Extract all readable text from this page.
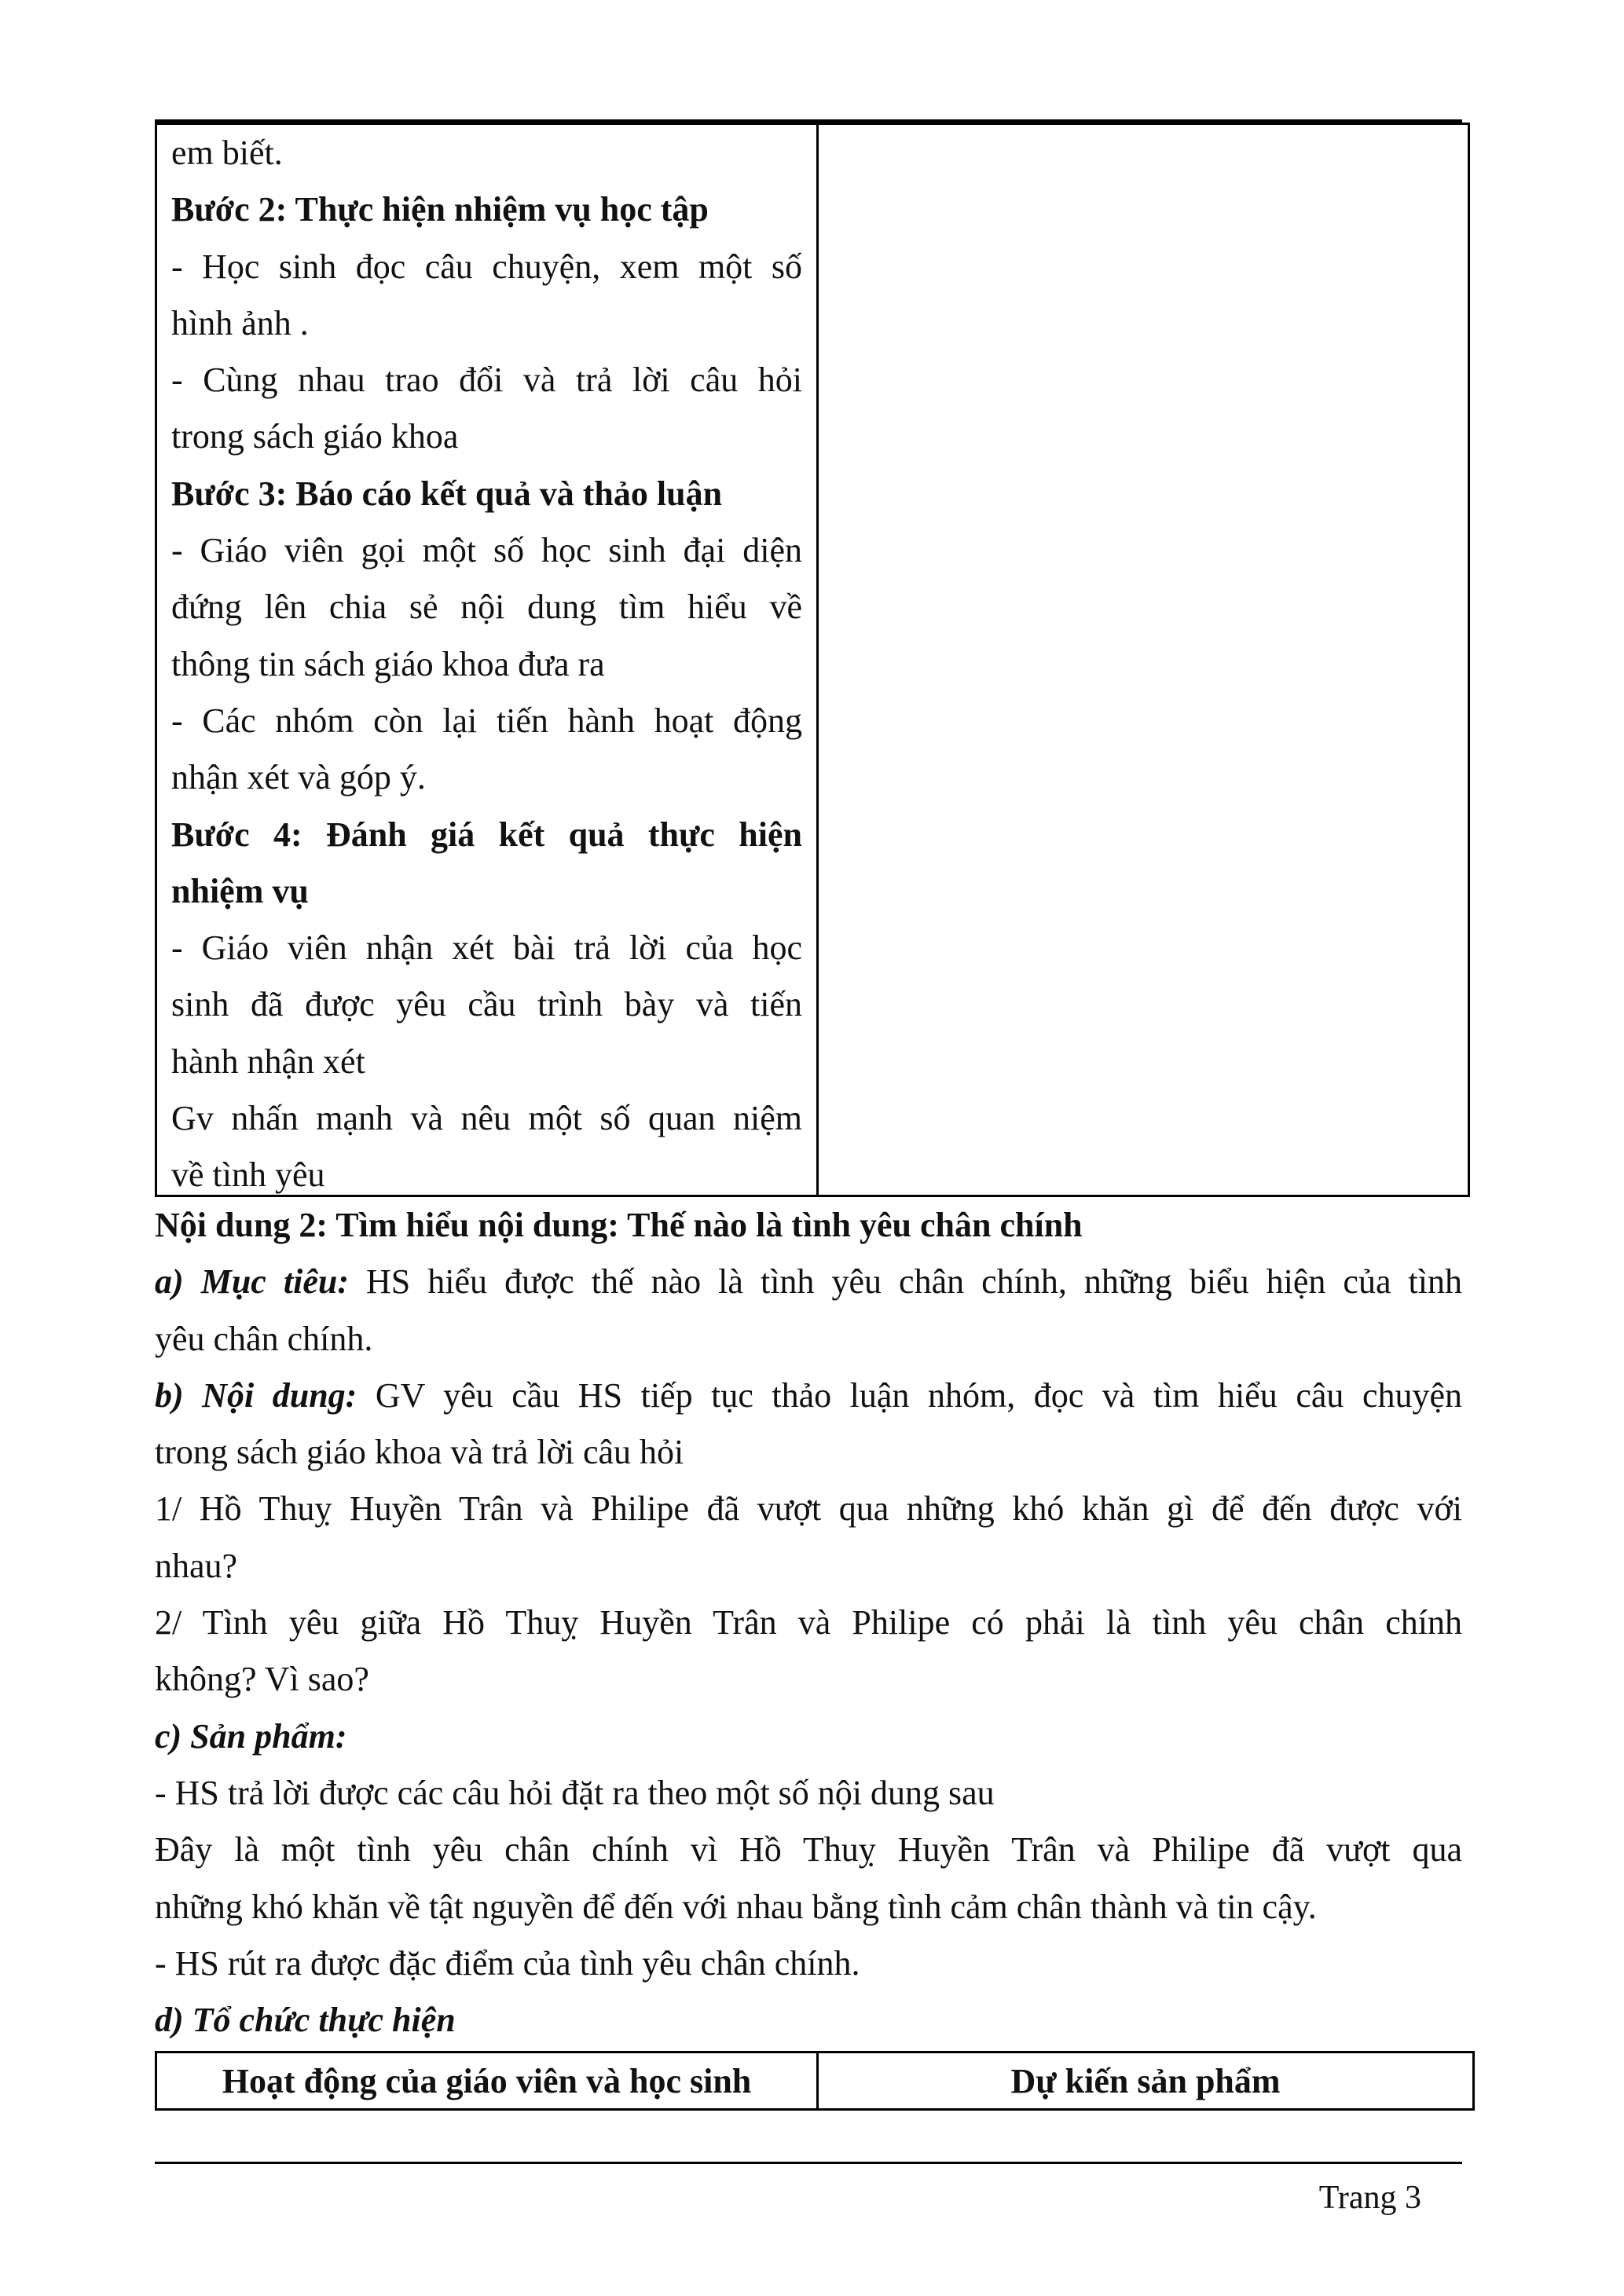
em biết.

Bước 2: Thực hiện nhiệm vụ học tập

- Học sinh đọc câu chuyện, xem một số

hình ảnh .

- Cùng nhau trao đổi và trả lời câu hỏi

trong sách giáo khoa

Bước 3: Báo cáo kết quả và thảo luận

- Giáo viên gọi một số học sinh đại diện

đứng lên chia sẻ nội dung tìm hiểu về

thông tin sách giáo khoa đưa ra

- Các nhóm còn lại tiến hành hoạt động

nhận xét và góp ý.

Bước 4: Đánh giá kết quả thực hiện

nhiệm vụ

- Giáo viên nhận xét bài trả lời của học

sinh đã được yêu cầu trình bày và tiến

hành nhận xét

Gv nhấn mạnh và nêu một số quan niệm

về tình yêu

Nội dung 2: Tìm hiểu nội dung: Thế nào là tình yêu chân chính

a) Mục tiêu: HS hiểu được thế nào là tình yêu chân chính, những biểu hiện của tình

yêu chân chính.

b) Nội dung: GV yêu cầu HS tiếp tục thảo luận nhóm, đọc và tìm hiểu câu chuyện

trong sách giáo khoa và trả lời câu hỏi

1/ Hồ Thuỵ Huyền Trân và Philipe đã vượt qua những khó khăn gì để đến được với

nhau?

2/ Tình yêu giữa Hồ Thuỵ Huyền Trân và Philipe có phải là tình yêu chân chính

không? Vì sao?

c) Sản phẩm:

- HS trả lời được các câu hỏi đặt ra theo một số nội dung sau

Đây là một tình yêu chân chính vì Hồ Thuỵ Huyền Trân và Philipe đã vượt qua

những khó khăn về tật nguyền để đến với nhau bằng tình cảm chân thành và tin cậy.

- HS rút ra được đặc điểm của tình yêu chân chính.

d) Tổ chức thực hiện

Hoạt động của giáo viên và học sinh	Dự kiến sản phẩm
Trang 3
